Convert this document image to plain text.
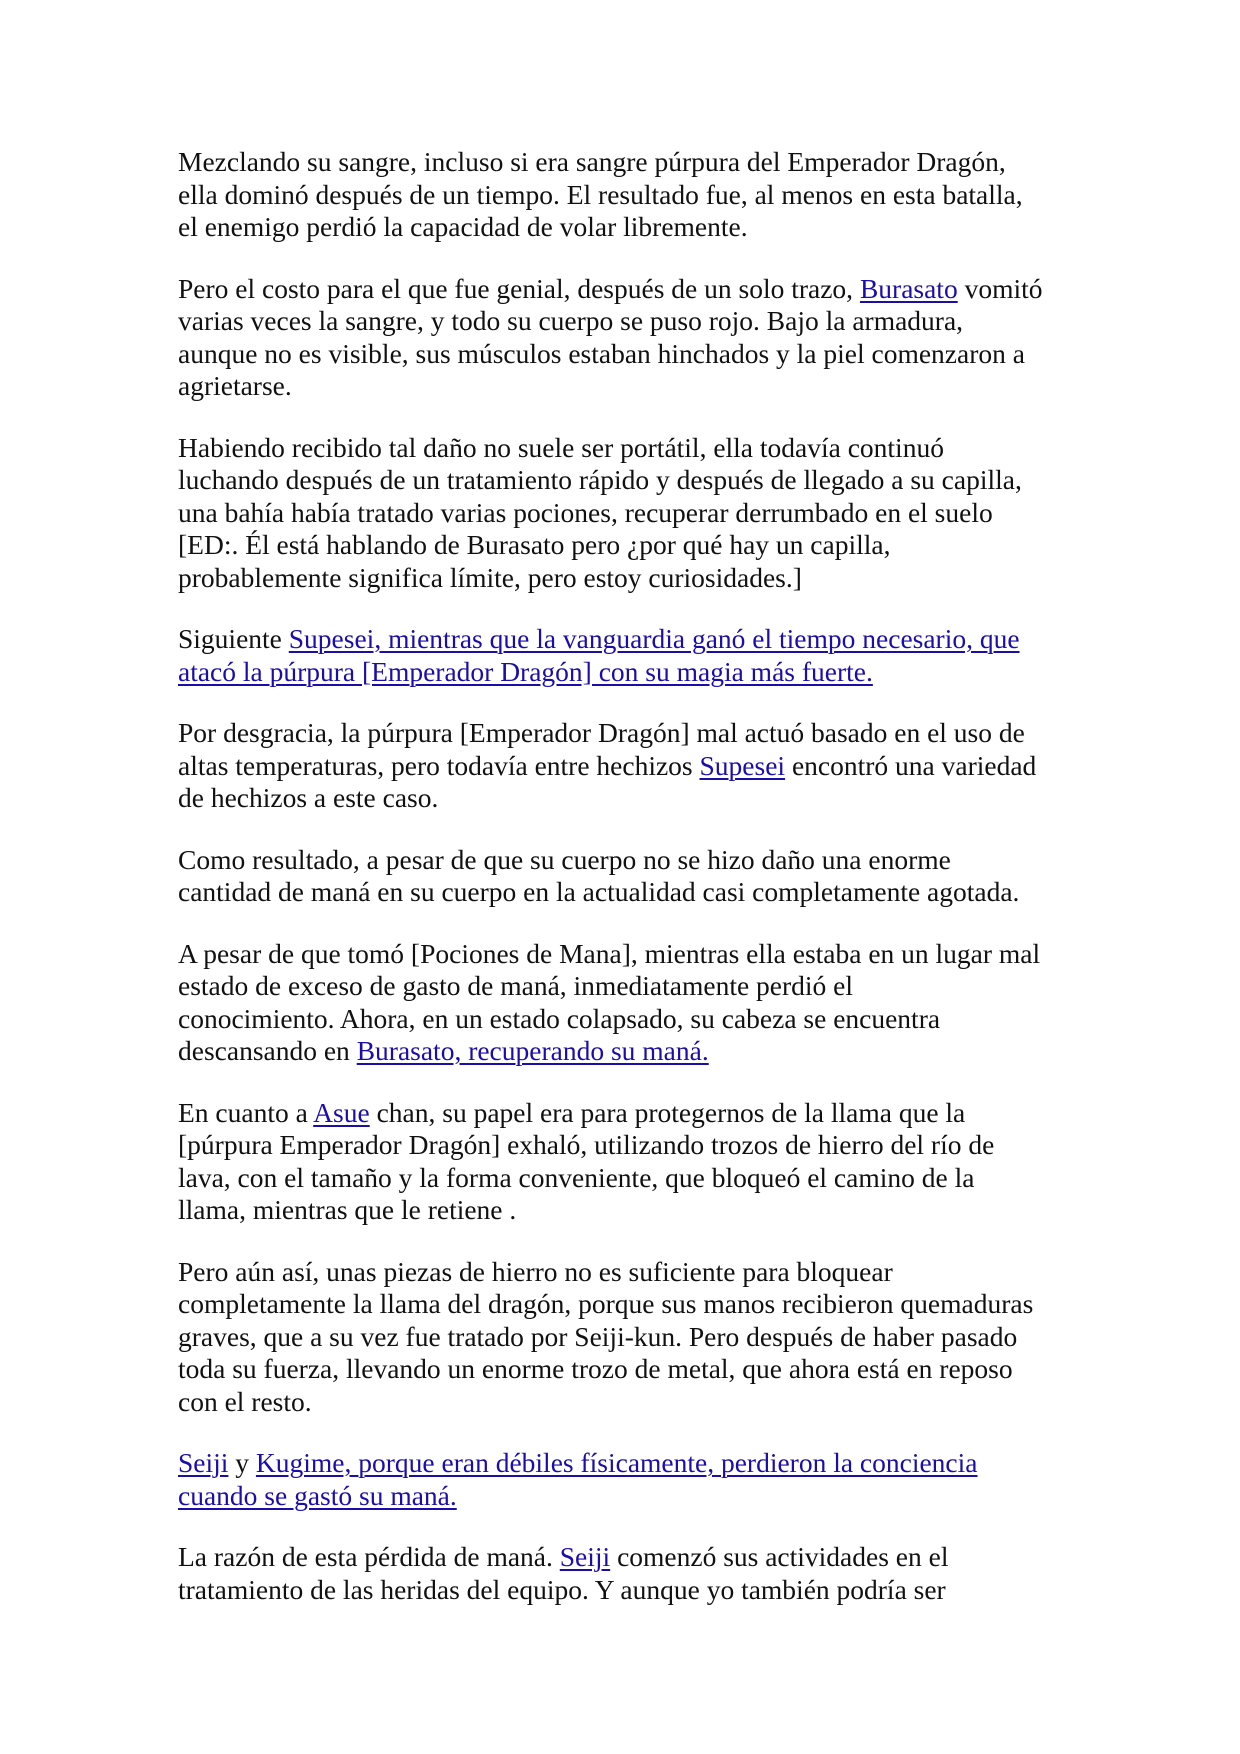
Mezclando su sangre, incluso si era sangre púrpura del Emperador Dragón,
ella dominó después de un tiempo. El resultado fue, al menos en esta batalla,
el enemigo perdió la capacidad de volar libremente.

Pero el costo para el que fue genial, después de un solo trazo, Burasato vomitó
varias veces la sangre, y todo su cuerpo se puso rojo. Bajo la armadura,
aunque no es visible, sus músculos estaban hinchados y la piel comenzaron a
agrietarse.

Habiendo recibido tal daño no suele ser portátil, ella todavía continuó
luchando después de un tratamiento rápido y después de llegado a su capilla,
una bahía había tratado varias pociones, recuperar derrumbado en el suelo
[ED:. Él está hablando de Burasato pero ¿por qué hay un capilla,
probablemente significa límite, pero estoy curiosidades.]

Siguiente Supesei, mientras que la vanguardia ganó el tiempo necesario, que
atacó la púrpura [Emperador Dragón] con su magia más fuerte.

Por desgracia, la púrpura [Emperador Dragón] mal actuó basado en el uso de
altas temperaturas, pero todavía entre hechizos Supesei encontró una variedad
de hechizos a este caso.

Como resultado, a pesar de que su cuerpo no se hizo daño una enorme
cantidad de maná en su cuerpo en la actualidad casi completamente agotada.

A pesar de que tomó [Pociones de Mana], mientras ella estaba en un lugar mal
estado de exceso de gasto de maná, inmediatamente perdió el
conocimiento. Ahora, en un estado colapsado, su cabeza se encuentra
descansando en Burasato, recuperando su maná.

En cuanto a Asue chan, su papel era para protegernos de la llama que la
[púrpura Emperador Dragón] exhaló, utilizando trozos de hierro del río de
lava, con el tamaño y la forma conveniente, que bloqueó el camino de la
llama, mientras que le retiene .

Pero aún así, unas piezas de hierro no es suficiente para bloquear
completamente la llama del dragón, porque sus manos recibieron quemaduras
graves, que a su vez fue tratado por Seiji-kun. Pero después de haber pasado
toda su fuerza, llevando un enorme trozo de metal, que ahora está en reposo
con el resto.

Seiji y Kugime, porque eran débiles físicamente, perdieron la conciencia
cuando se gastó su maná.

La razón de esta pérdida de maná. Seiji comenzó sus actividades en el
tratamiento de las heridas del equipo. Y aunque yo también podría ser
